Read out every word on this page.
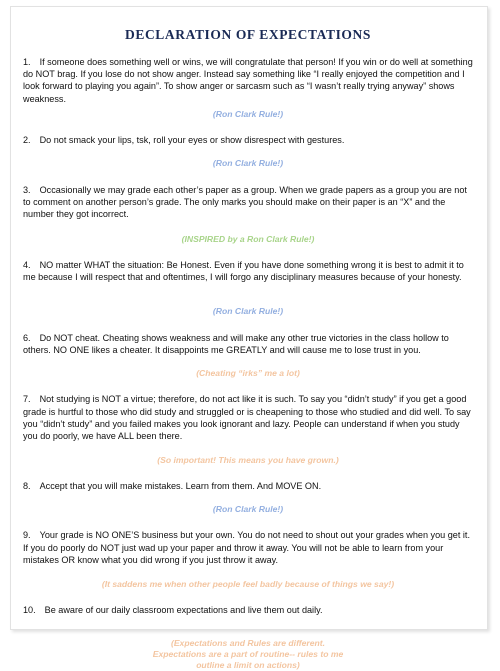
DECLARATION OF EXPECTATIONS

1. If someone does something well or wins, we will congratulate that person! If you win or do well at something do NOT brag. If you lose do not show anger. Instead say something like “I really enjoyed the competition and I look forward to playing you again”. To show anger or sarcasm such as “I wasn’t really trying anyway” shows weakness.

(Ron Clark Rule!)

2. Do not smack your lips, tsk, roll your eyes or show disrespect with gestures.

(Ron Clark Rule!)

3. Occasionally we may grade each other’s paper as a group. When we grade papers as a group you are not to comment on another person’s grade. The only marks you should make on their paper is an “X” and the number they got incorrect.

(INSPIRED by a Ron Clark Rule!)

4. NO matter WHAT the situation: Be Honest. Even if you have done something wrong it is best to admit it to me because I will respect that and oftentimes, I will forgo any disciplinary measures because of your honesty.

(Ron Clark Rule!)

6. Do NOT cheat. Cheating shows weakness and will make any other true victories in the class hollow to others. NO ONE likes a cheater. It disappoints me GREATLY and will cause me to lose trust in you.

(Cheating “irks” me a lot)

7. Not studying is NOT a virtue; therefore, do not act like it is such. To say you “didn’t study” if you get a good grade is hurtful to those who did study and struggled or is cheapening to those who studied and did well. To say you “didn’t study” and you failed makes you look ignorant and lazy. People can understand if when you study you do poorly, we have ALL been there.

(So important! This means you have grown.)

8. Accept that you will make mistakes. Learn from them. And MOVE ON.

(Ron Clark Rule!)

9. Your grade is NO ONE’S business but your own. You do not need to shout out your grades when you get it. If you do poorly do NOT just wad up your paper and throw it away. You will not be able to learn from your mistakes OR know what you did wrong if you just throw it away.

(It saddens me when other people feel badly because of things we say!)

10. Be aware of our daily classroom expectations and live them out daily.

(Expectations and Rules are different.

Expectations are a part of routine-- rules to me

outline a limit on actions)
